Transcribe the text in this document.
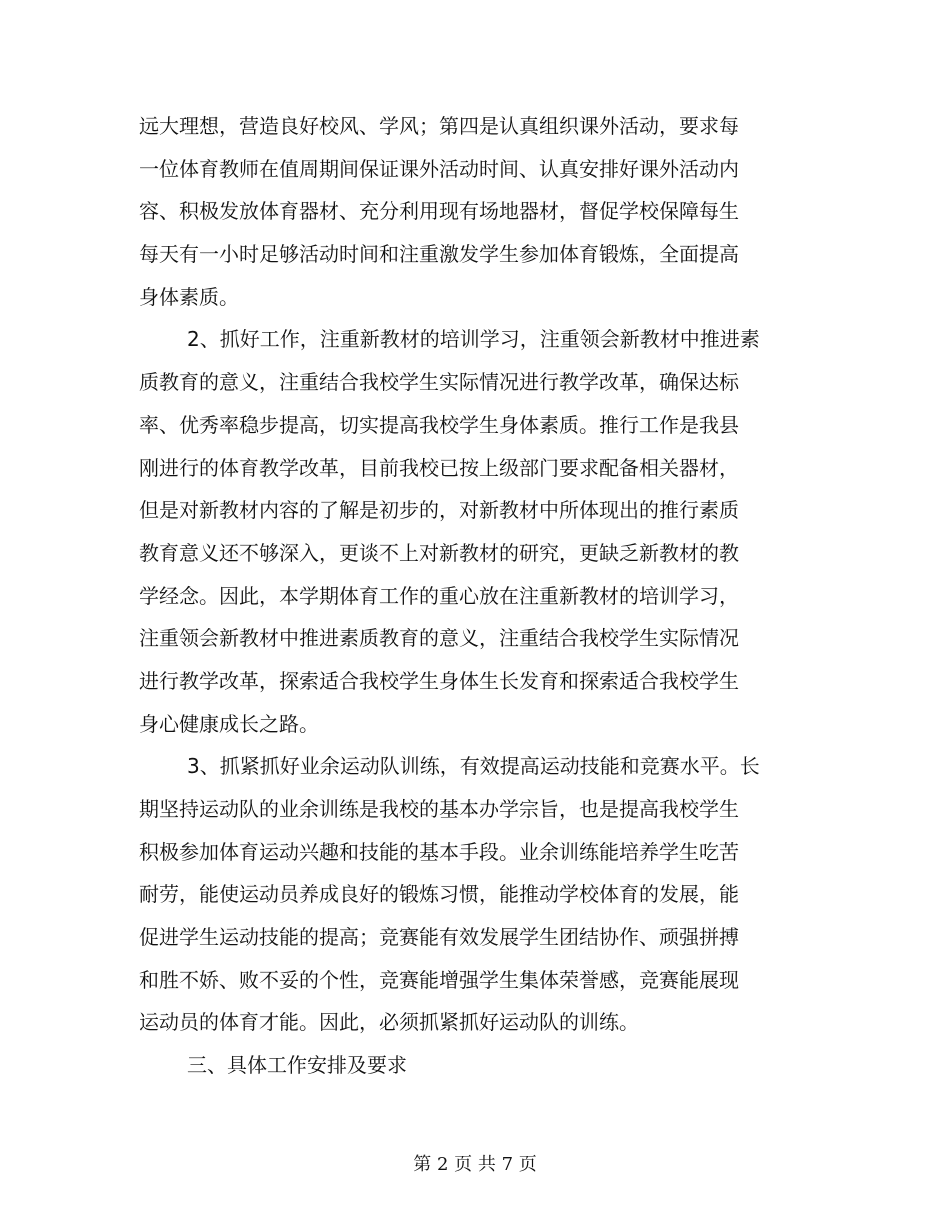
远大理想，营造良好校风、学风；第四是认真组织课外活动，要求每
一位体育教师在值周期间保证课外活动时间、认真安排好课外活动内
容、积极发放体育器材、充分利用现有场地器材，督促学校保障每生
每天有一小时足够活动时间和注重激发学生参加体育锻炼，全面提高
身体素质。
2、抓好工作，注重新教材的培训学习，注重领会新教材中推进素
质教育的意义，注重结合我校学生实际情况进行教学改革，确保达标
率、优秀率稳步提高，切实提高我校学生身体素质。推行工作是我县
刚进行的体育教学改革，目前我校已按上级部门要求配备相关器材，
但是对新教材内容的了解是初步的，对新教材中所体现出的推行素质
教育意义还不够深入，更谈不上对新教材的研究，更缺乏新教材的教
学经念。因此，本学期体育工作的重心放在注重新教材的培训学习，
注重领会新教材中推进素质教育的意义，注重结合我校学生实际情况
进行教学改革，探索适合我校学生身体生长发育和探索适合我校学生
身心健康成长之路。
3、抓紧抓好业余运动队训练，有效提高运动技能和竞赛水平。长
期坚持运动队的业余训练是我校的基本办学宗旨，也是提高我校学生
积极参加体育运动兴趣和技能的基本手段。业余训练能培养学生吃苦
耐劳，能使运动员养成良好的锻炼习惯，能推动学校体育的发展，能
促进学生运动技能的提高；竞赛能有效发展学生团结协作、顽强拼搏
和胜不娇、败不妥的个性，竞赛能增强学生集体荣誉感，竞赛能展现
运动员的体育才能。因此，必须抓紧抓好运动队的训练。
三、具体工作安排及要求
第 2 页 共 7 页
